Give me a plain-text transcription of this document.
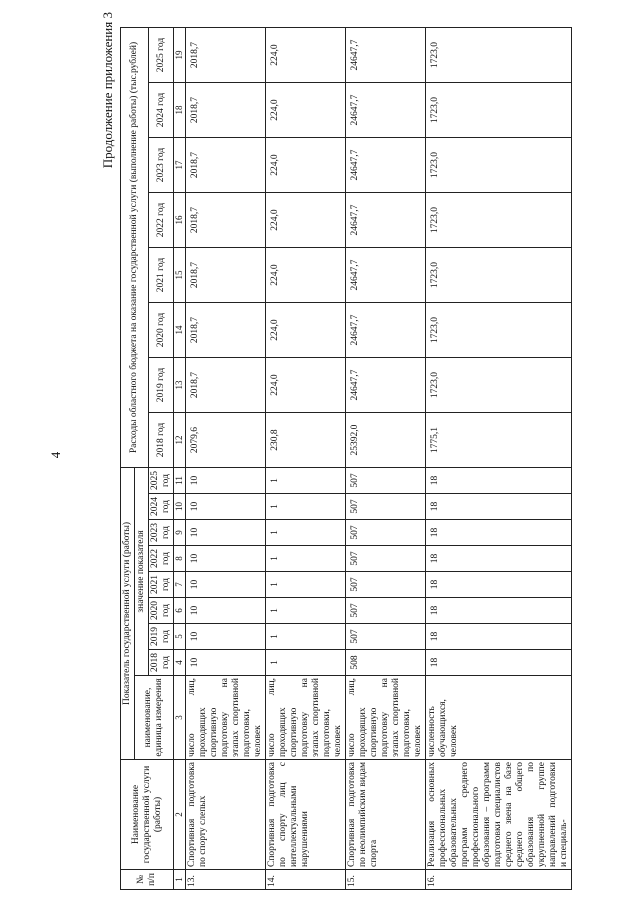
4
Продолжение приложения 3
№ п/п	Наименование государственной услуги (работы)	Показатель государственной услуги (работы)									Расходы областного бюджета на оказание государственной услуги (выполнение работы) (тыс.рублей)							
		наименование, единица измерения	значение показателя															
			2018 год	2019 год	2020 год	2021 год	2022 год	2023 год	2024 год	2025 год	2018 год	2019 год	2020 год	2021 год	2022 год	2023 год	2024 год	2025 год
1	2	3	4	5	6	7	8	9	10	11	12	13	14	15	16	17	18	19
13.	Спортивная подготовка по спорту слепых	число лиц, проходящих спортивную подготовку на этапах спортивной подготовки, человек	10	10	10	10	10	10	10	10	2079,6	2018,7	2018,7	2018,7	2018,7	2018,7	2018,7	2018,7
14.	Спортивная подготовка по спорту лиц с интеллектуальными нарушениями	число лиц, проходящих спортивную подготовку на этапах спортивной подготовки, человек	1	1	1	1	1	1	1	1	230,8	224,0	224,0	224,0	224,0	224,0	224,0	224,0
15.	Спортивная подготовка по неолимпийским видам спорта	число лиц, проходящих спортивную подготовку на этапах спортивной подготовки, человек	508	507	507	507	507	507	507	507	25392,0	24647,7	24647,7	24647,7	24647,7	24647,7	24647,7	24647,7
16.	Реализация основных профессиональных образовательных программ среднего профессионального образования – программ подготовки специалистов среднего звена на базе среднего общего образования по укрупненной группе направлений подготовки и специаль-	численность обучающихся, человек	18	18	18	18	18	18	18	18	1775,1	1723,0	1723,0	1723,0	1723,0	1723,0	1723,0	1723,0
